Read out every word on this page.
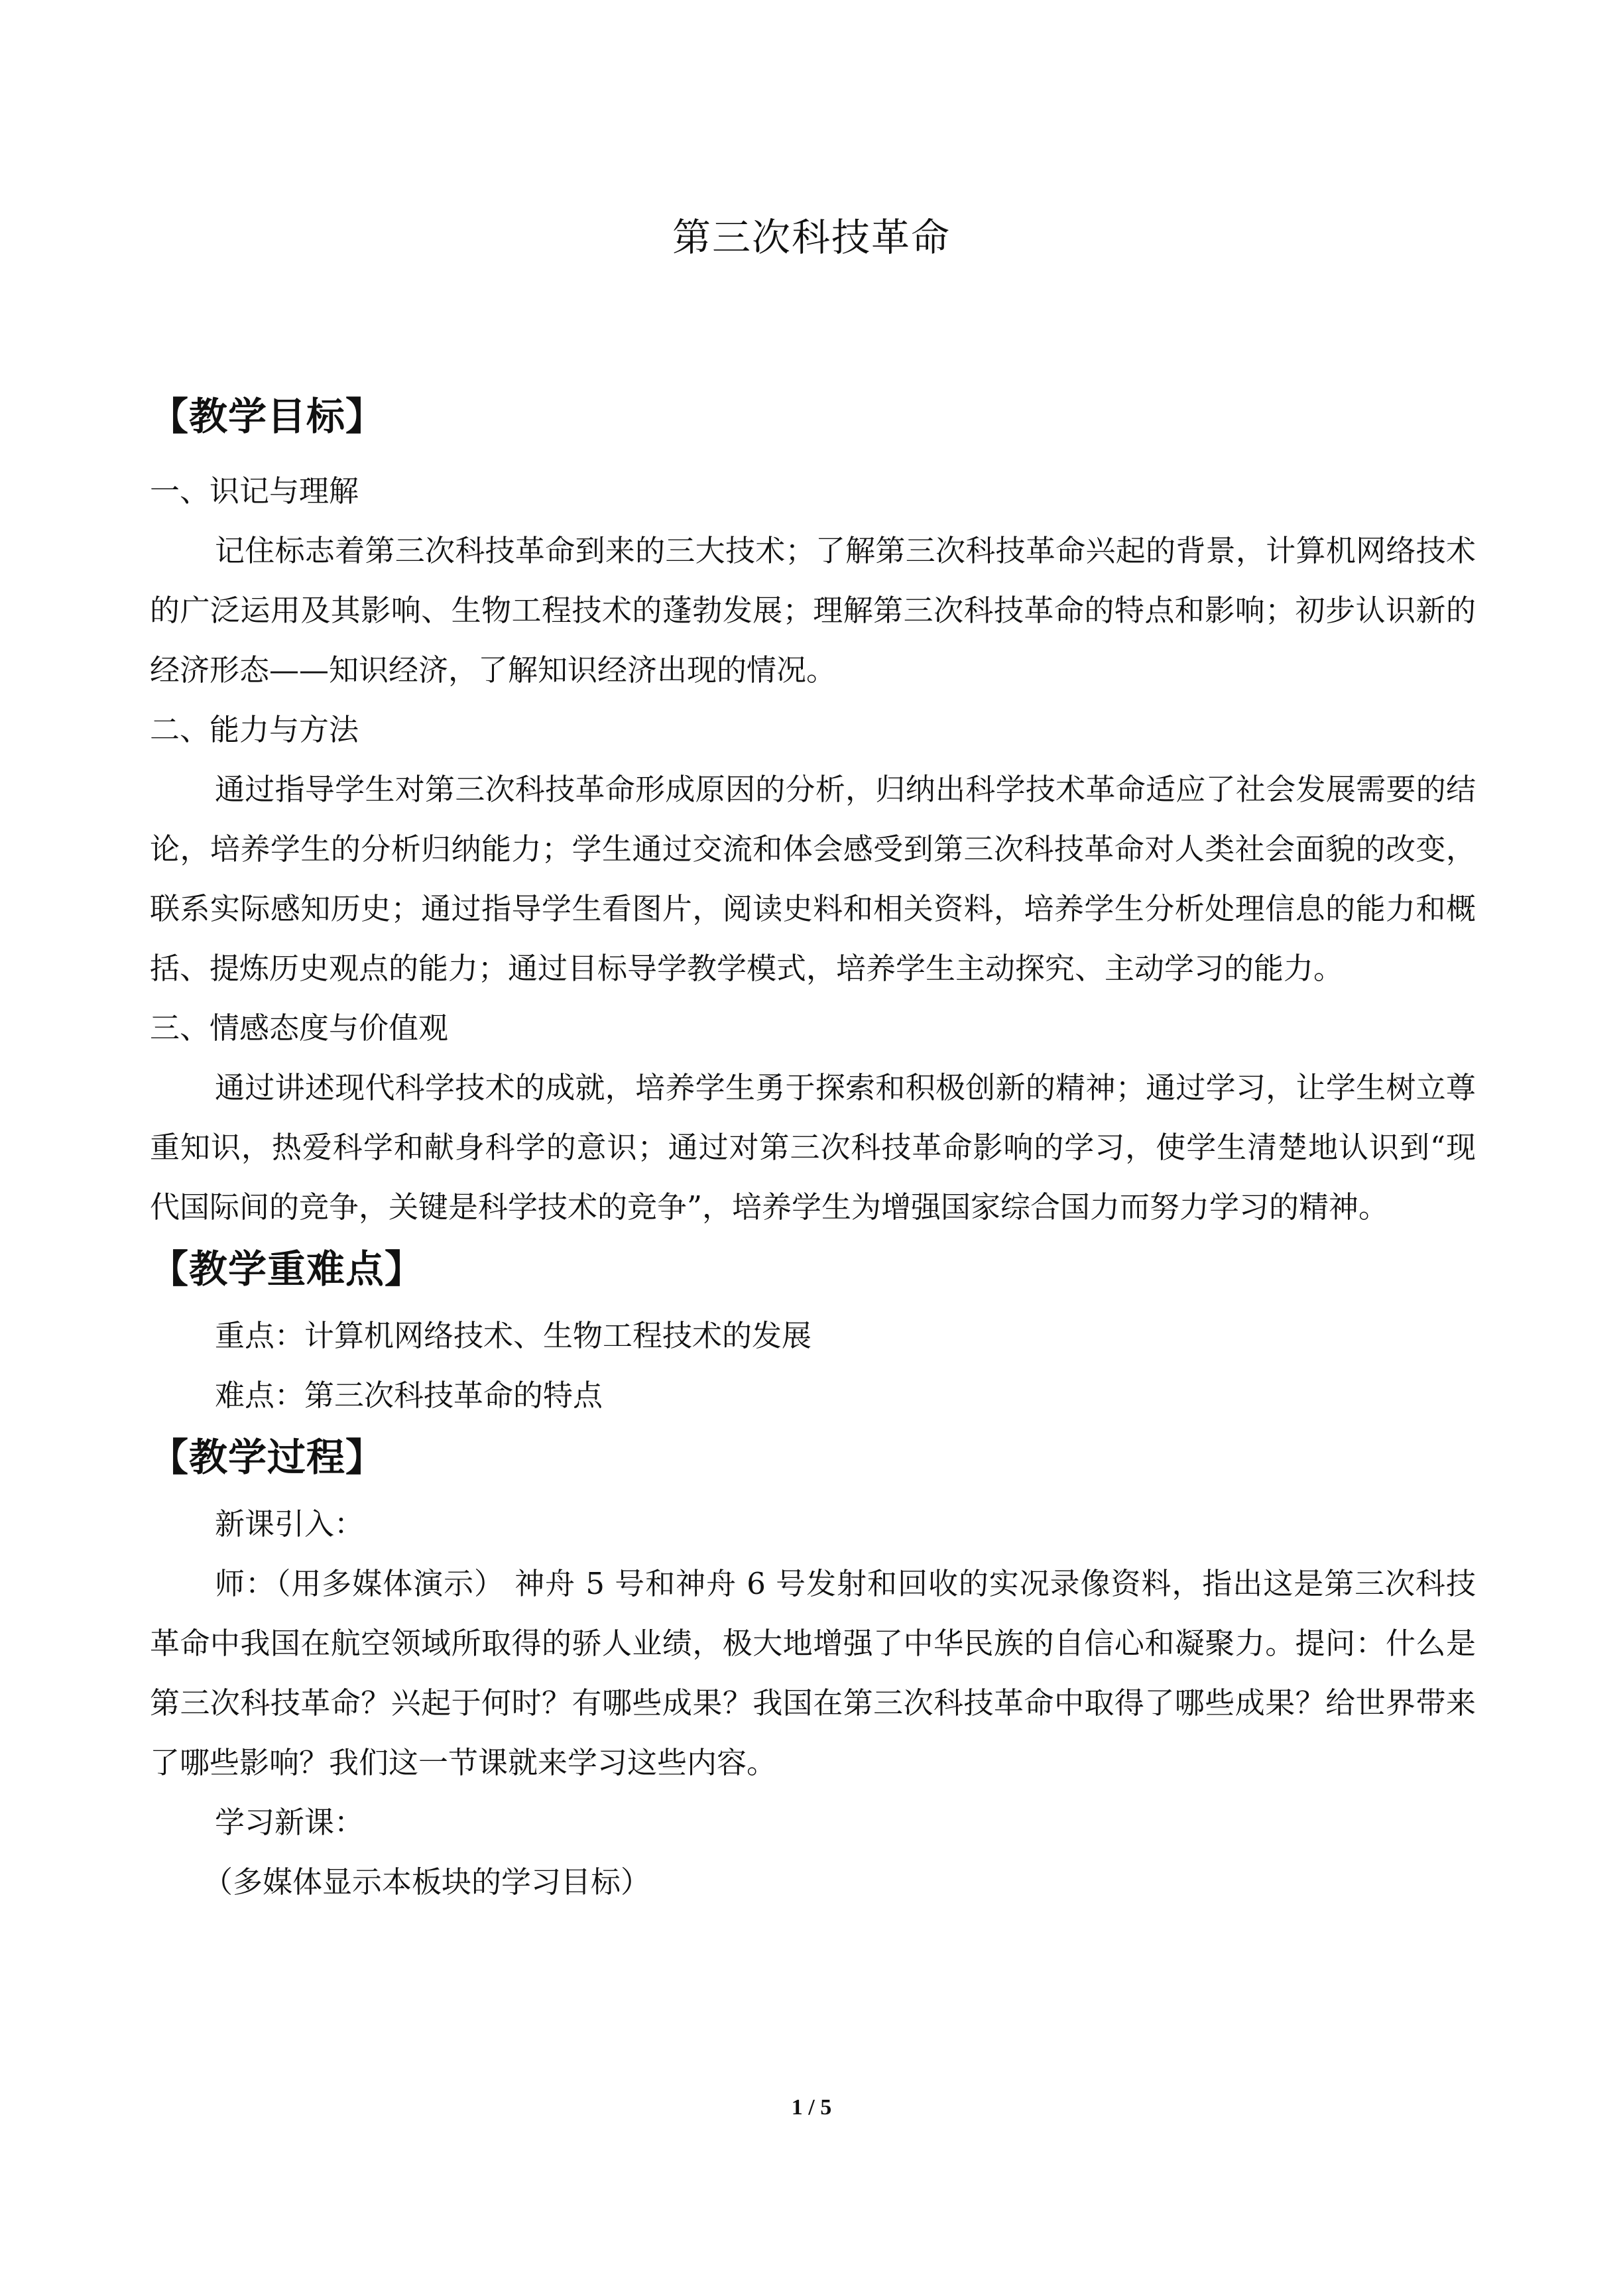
第三次科技革命
【教学目标】

一、识记与理解

记住标志着第三次科技革命到来的三大技术；了解第三次科技革命兴起的背景，计算机网络技术的广泛运用及其影响、生物工程技术的蓬勃发展；理解第三次科技革命的特点和影响；初步认识新的经济形态——知识经济，了解知识经济出现的情况。

二、能力与方法

通过指导学生对第三次科技革命形成原因的分析，归纳出科学技术革命适应了社会发展需要的结论，培养学生的分析归纳能力；学生通过交流和体会感受到第三次科技革命对人类社会面貌的改变，联系实际感知历史；通过指导学生看图片，阅读史料和相关资料，培养学生分析处理信息的能力和概括、提炼历史观点的能力；通过目标导学教学模式，培养学生主动探究、主动学习的能力。

三、情感态度与价值观

通过讲述现代科学技术的成就，培养学生勇于探索和积极创新的精神；通过学习，让学生树立尊重知识，热爱科学和献身科学的意识；通过对第三次科技革命影响的学习，使学生清楚地认识到“现代国际间的竞争，关键是科学技术的竞争”，培养学生为增强国家综合国力而努力学习的精神。

【教学重难点】

重点：计算机网络技术、生物工程技术的发展

难点：第三次科技革命的特点

【教学过程】

新课引入：

师：（用多媒体演示） 神舟 5 号和神舟 6 号发射和回收的实况录像资料，指出这是第三次科技革命中我国在航空领域所取得的骄人业绩，极大地增强了中华民族的自信心和凝聚力。提问：什么是第三次科技革命？兴起于何时？有哪些成果？我国在第三次科技革命中取得了哪些成果？给世界带来了哪些影响？我们这一节课就来学习这些内容。

学习新课：

（多媒体显示本板块的学习目标）

1 / 5
